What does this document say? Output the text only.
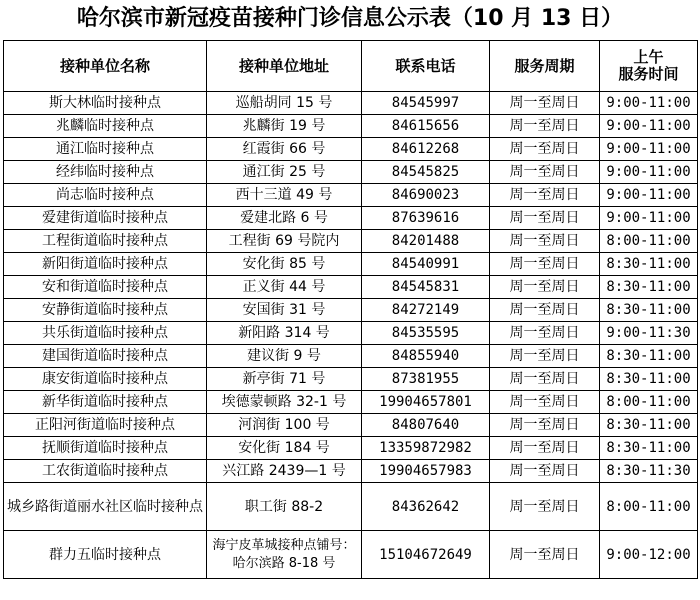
哈尔滨市新冠疫苗接种门诊信息公示表（10 月 13 日）
接种单位名称	接种单位地址	联系电话	服务周期	上午
服务时间

斯大林临时接种点	巡船胡同 15 号	84545997	周一至周日	9:00-11:00
兆麟临时接种点	兆麟街 19 号	84615656	周一至周日	9:00-11:00
通江临时接种点	红霞街 66 号	84612268	周一至周日	9:00-11:00
经纬临时接种点	通江街 25 号	84545825	周一至周日	9:00-11:00
尚志临时接种点	西十三道 49 号	84690023	周一至周日	9:00-11:00
爱建街道临时接种点	爱建北路 6 号	87639616	周一至周日	9:00-11:00
工程街道临时接种点	工程街 69 号院内	84201488	周一至周日	8:00-11:00
新阳街道临时接种点	安化街 85 号	84540991	周一至周日	8:30-11:00
安和街道临时接种点	正义街 44 号	84545831	周一至周日	8:30-11:00
安静街道临时接种点	安国街 31 号	84272149	周一至周日	8:30-11:00
共乐街道临时接种点	新阳路 314 号	84535595	周一至周日	9:00-11:30
建国街道临时接种点	建议街 9 号	84855940	周一至周日	8:30-11:00
康安街道临时接种点	新亭街 71 号	87381955	周一至周日	8:30-11:00
新华街道临时接种点	埃德蒙顿路 32-1 号	19904657801	周一至周日	8:00-11:00
正阳河街道临时接种点	河润街 100 号	84807640	周一至周日	8:30-11:00
抚顺街道临时接种点	安化街 184 号	13359872982	周一至周日	8:30-11:00
工农街道临时接种点	兴江路 2439—1 号	19904657983	周一至周日	8:30-11:30
城乡路街道丽水社区临时接种点	职工街 88-2	84362642	周一至周日	8:00-11:00
群力五临时接种点	海宁皮革城接种点铺号：哈尔滨路 8-18 号	15104672649	周一至周日	9:00-12:00
